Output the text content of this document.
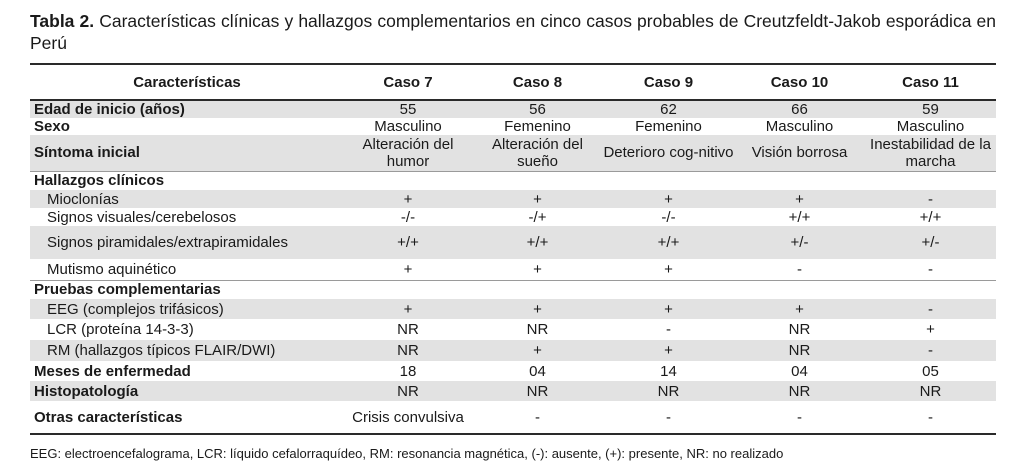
Tabla 2. Características clínicas y hallazgos complementarios en cinco casos probables de Creutzfeldt-Jakob esporádica en Perú
Características	Caso 7	Caso 8	Caso 9	Caso 10	Caso 11
Edad de inicio (años)	55	56	62	66	59
Sexo	Masculino	Femenino	Femenino	Masculino	Masculino
Síntoma inicial	Alteración del humor	Alteración del sueño	Deterioro cog-nitivo	Visión borrosa	Inestabilidad de la marcha
Hallazgos clínicos					
Mioclonías	+	+	+	+	-
Signos visuales/cerebelosos	-/-	-/+	-/-	+/+	+/+
Signos piramidales/extrapiramidales	+/+	+/+	+/+	+/-	+/-
Mutismo aquinético	+	+	+	-	-
Pruebas complementarias					
EEG (complejos trifásicos)	+	+	+	+	-
LCR (proteína 14-3-3)	NR	NR	-	NR	+
RM (hallazgos típicos FLAIR/DWI)	NR	+	+	NR	-
Meses de enfermedad	18	04	14	04	05
Histopatología	NR	NR	NR	NR	NR
Otras características	Crisis convulsiva	-	-	-	-
EEG: electroencefalograma, LCR: líquido cefalorraquídeo, RM: resonancia magnética, (-): ausente, (+): presente, NR: no realizado
